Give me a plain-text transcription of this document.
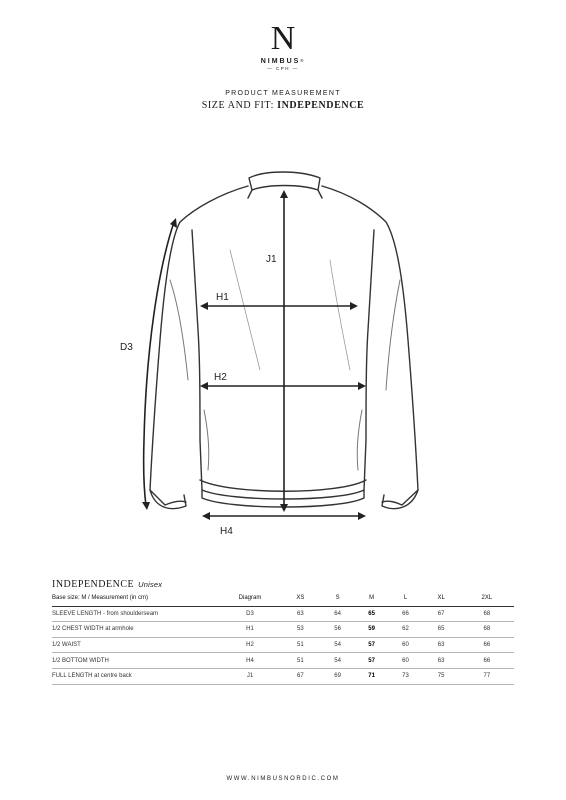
N
NIMBUS®
— CPH —
PRODUCT MEASUREMENT
SIZE AND FIT: INDEPENDENCE
J1
H1
H2
D3
H4
INDEPENDENCE Unisex
Base size: M / Measurement (in cm)	Diagram	XS	S	M	L	XL	2XL
SLEEVE LENGTH - from shoulderseam	D3	63	64	65	66	67	68
1/2 CHEST WIDTH at armhole	H1	53	56	59	62	65	68
1/2 WAIST	H2	51	54	57	60	63	66
1/2 BOTTOM WIDTH	H4	51	54	57	60	63	66
FULL LENGTH at centre back	J1	67	69	71	73	75	77
WWW.NIMBUSNORDIC.COM
